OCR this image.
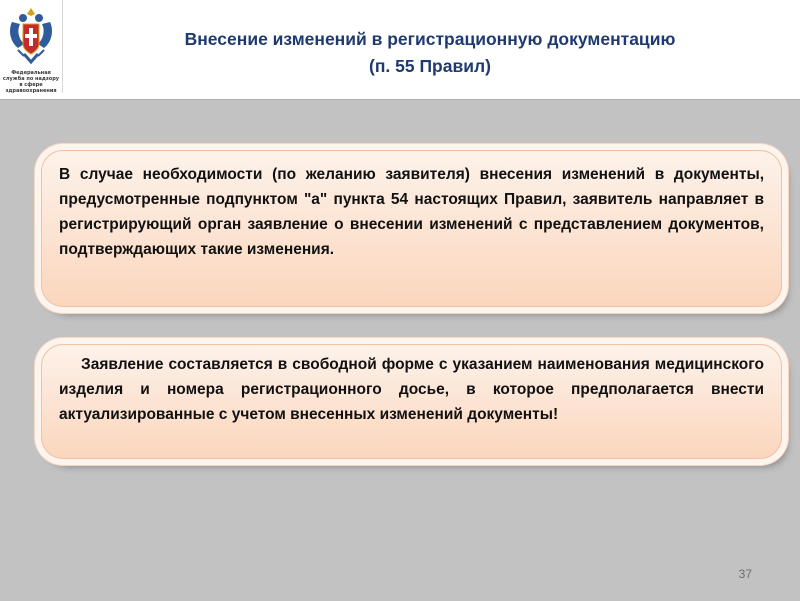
Федеральная служба по надзору в сфере здравоохранения
Внесение изменений в регистрационную документацию
(п. 55 Правил)

В случае необходимости (по желанию заявителя) внесения изменений в документы, предусмотренные подпунктом "а" пункта 54 настоящих Правил, заявитель направляет в регистрирующий орган заявление о внесении изменений с представлением документов, подтверждающих такие изменения.

Заявление составляется в свободной форме с указанием наименования медицинского изделия и номера регистрационного досье, в которое предполагается внести актуализированные с учетом внесенных изменений документы!

37
